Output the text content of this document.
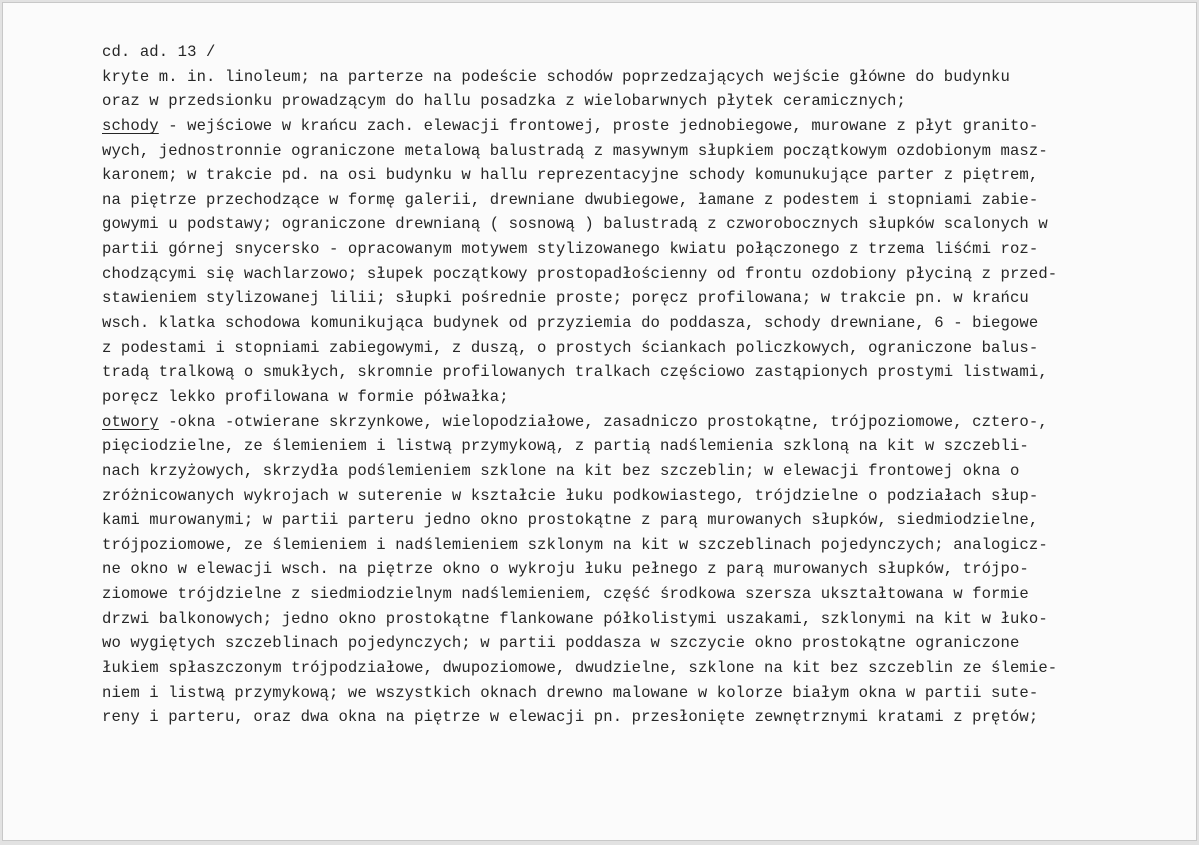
cd. ad. 13 /
kryte m. in. linoleum; na parterze na podeście schodów poprzedzających wejście główne do budynku
oraz w przedsionku prowadzącym do hallu posadzka z wielobarwnych płytek ceramicznych;
schody - wejściowe w krańcu zach. elewacji frontowej, proste jednobiegowe, murowane z płyt granito-
wych, jednostronnie ograniczone metalową balustradą z masywnym słupkiem początkowym ozdobionym masz-
karonem; w trakcie pd. na osi budynku w hallu reprezentacyjne schody komunukujące parter z piętrem,
na piętrze przechodzące w formę galerii, drewniane dwubiegowe, łamane z podestem i stopniami zabie-
gowymi u podstawy; ograniczone drewnianą ( sosnową ) balustradą z czworobocznych słupków scalonych w
partii górnej snycersko - opracowanym motywem stylizowanego kwiatu połączonego z trzema liśćmi roz-
chodzącymi się wachlarzowo; słupek początkowy prostopadłościenny od frontu ozdobiony płyciną z przed-
stawieniem stylizowanej lilii; słupki pośrednie proste; poręcz profilowana; w trakcie pn. w krańcu
wsch. klatka schodowa komunikująca budynek od przyziemia do poddasza, schody drewniane, 6 - biegowe
z podestami i stopniami zabiegowymi, z duszą, o prostych ściankach policzkowych, ograniczone balus-
tradą tralkową o smukłych, skromnie profilowanych tralkach częściowo zastąpionych prostymi listwami,
poręcz lekko profilowana w formie półwałka;
otwory -okna -otwierane skrzynkowe, wielopodziałowe, zasadniczo prostokątne, trójpoziomowe, cztero-,
pięciodzielne, ze ślemieniem i listwą przymykową, z partią nadślemienia szkloną na kit w szczebli-
nach krzyżowych, skrzydła podślemieniem szklone na kit bez szczeblin; w elewacji frontowej okna o
zróżnicowanych wykrojach w suterenie w kształcie łuku podkowiastego, trójdzielne o podziałach słup-
kami murowanymi; w partii parteru jedno okno prostokątne z parą murowanych słupków, siedmiodzielne,
trójpoziomowe, ze ślemieniem i nadślemieniem szklonym na kit w szczeblinach pojedynczych; analogicz-
ne okno w elewacji wsch. na piętrze okno o wykroju łuku pełnego z parą murowanych słupków, trójpo-
ziomowe trójdzielne z siedmiodzielnym nadślemieniem, część środkowa szersza ukształtowana w formie
drzwi balkonowych; jedno okno prostokątne flankowane półkolistymi uszakami, szklonymi na kit w łuko-
wo wygiętych szczeblinach pojedynczych; w partii poddasza w szczycie okno prostokątne ograniczone
łukiem spłaszczonym trójpodziałowe, dwupoziomowe, dwudzielne, szklone na kit bez szczeblin ze ślemie-
niem i listwą przymykową; we wszystkich oknach drewno malowane w kolorze białym okna w partii sute-
reny i parteru, oraz dwa okna na piętrze w elewacji pn. przesłonięte zewnętrznymi kratami z prętów;
